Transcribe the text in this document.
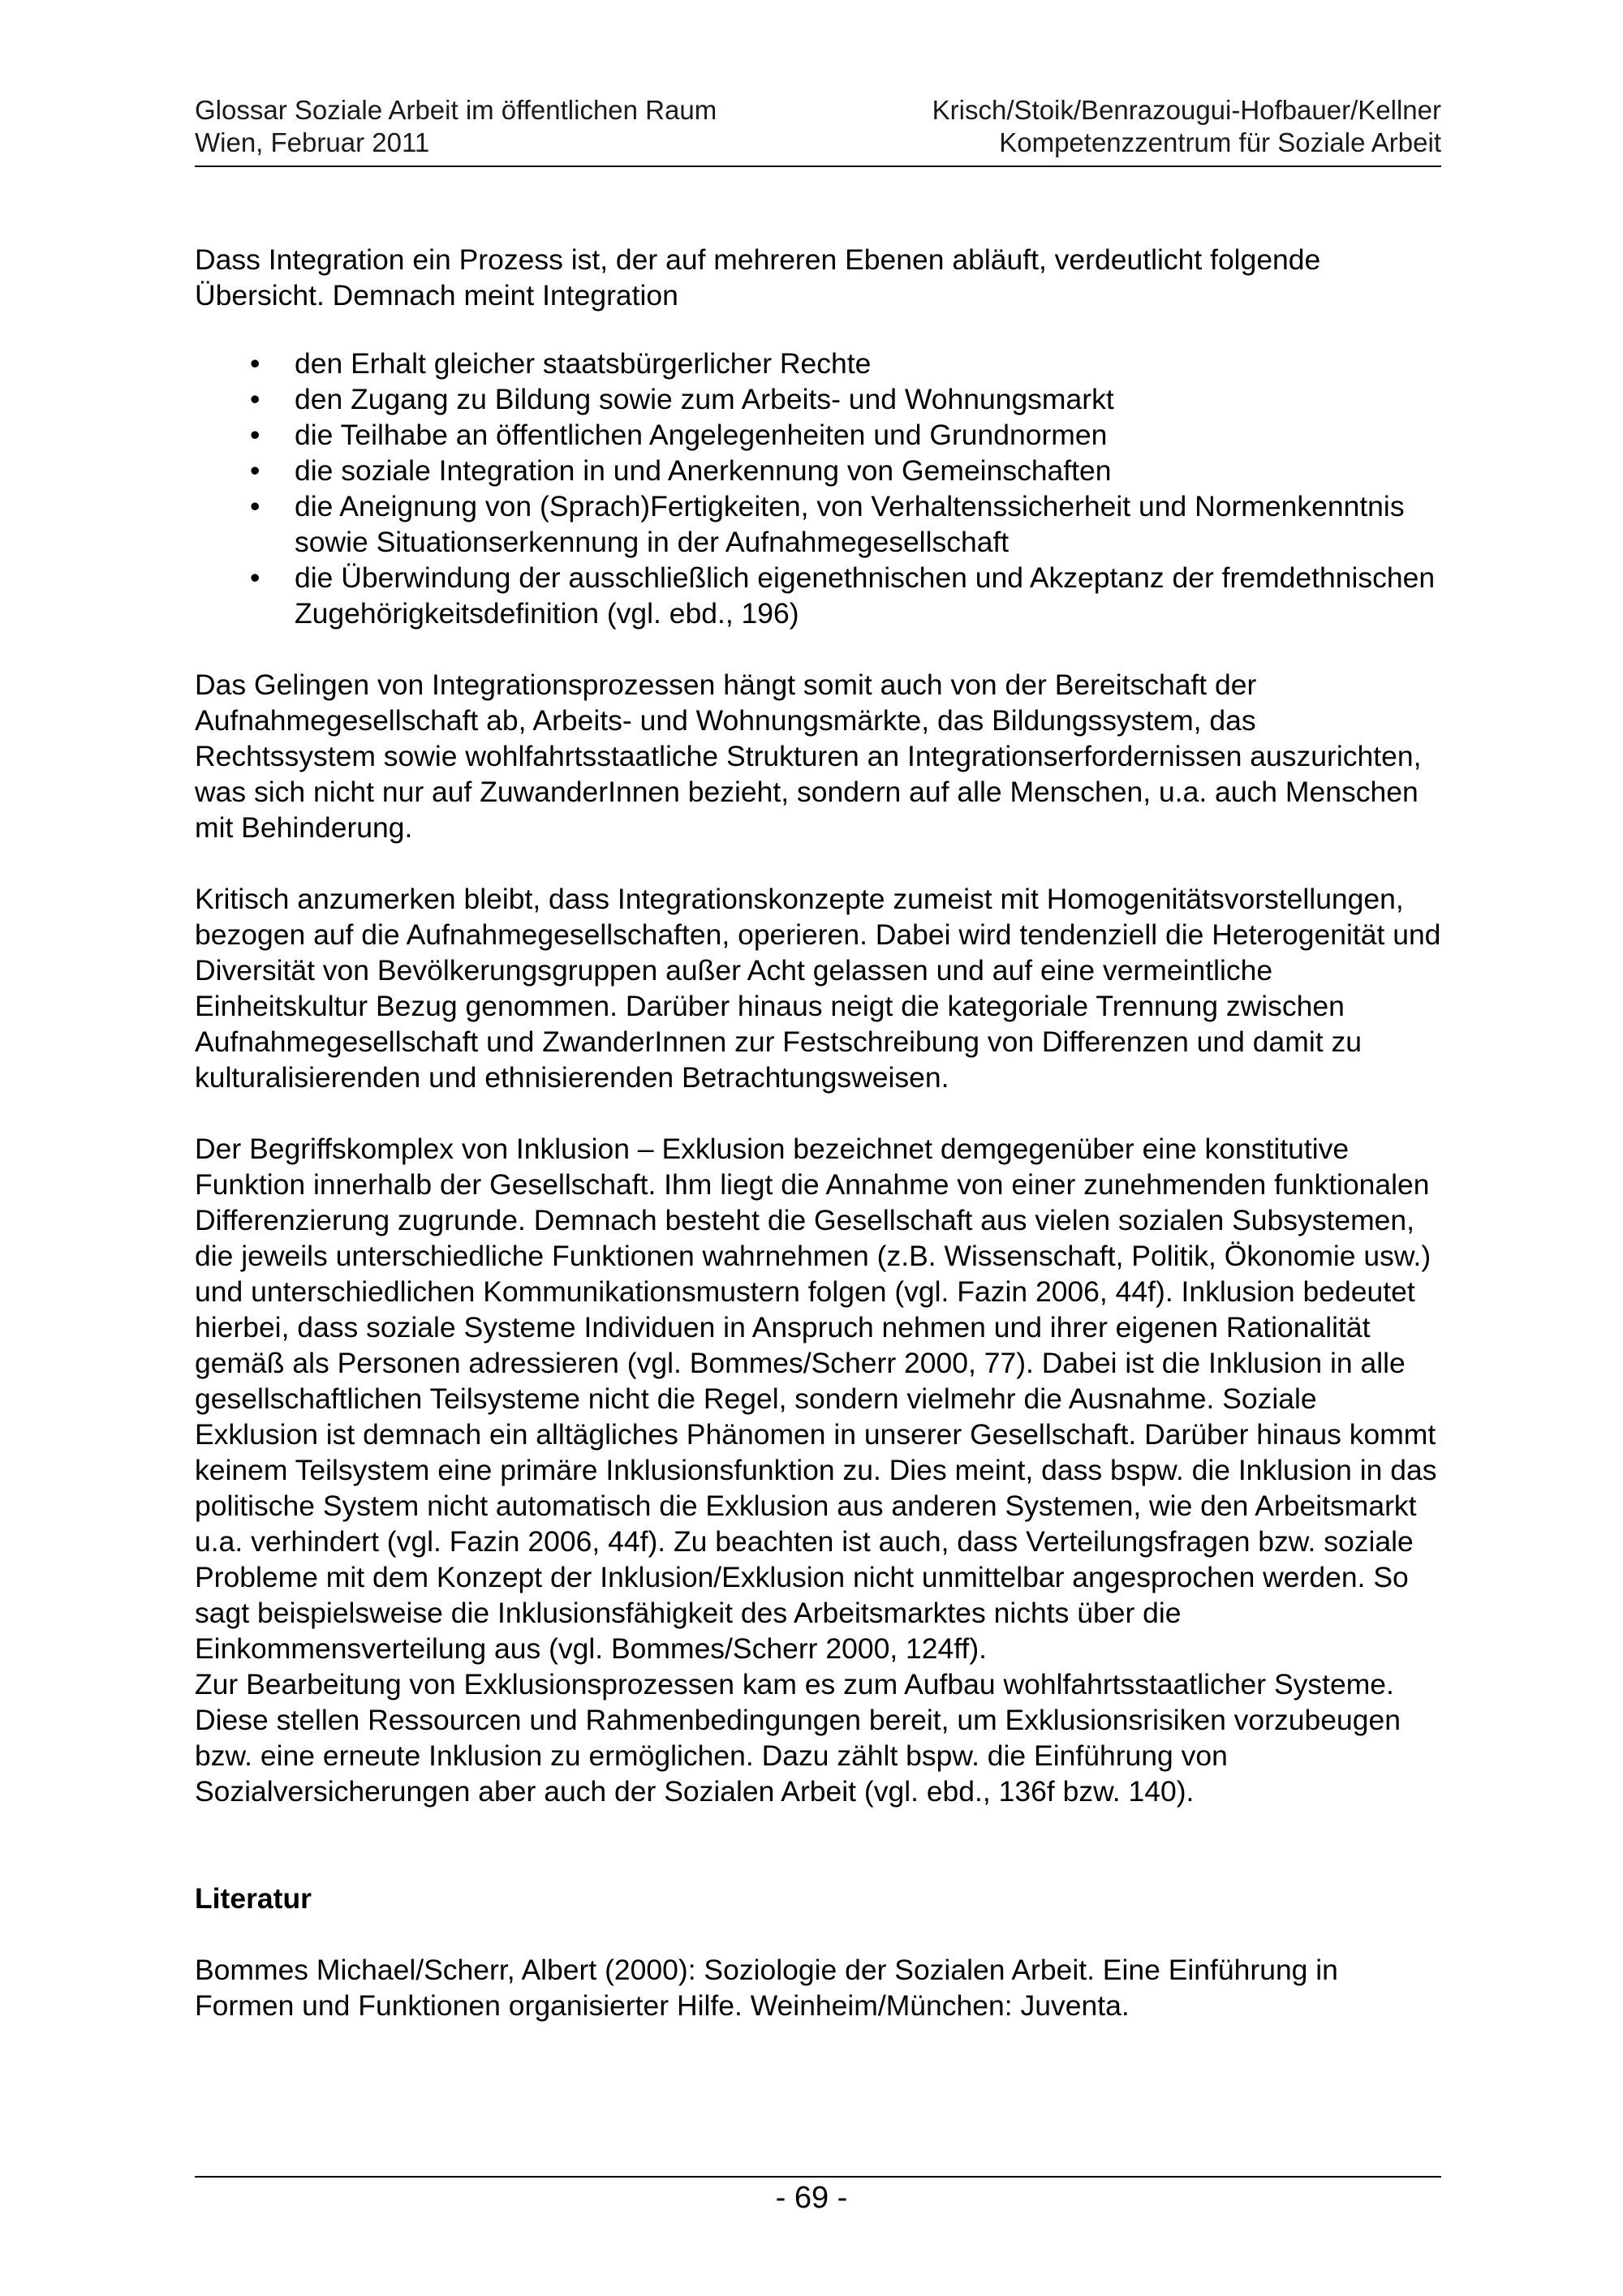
Glossar Soziale Arbeit im öffentlichen Raum
Wien, Februar 2011
Krisch/Stoik/Benrazougui-Hofbauer/Kellner
Kompetenzzentrum für Soziale Arbeit

Dass Integration ein Prozess ist, der auf mehreren Ebenen abläuft, verdeutlicht folgende Übersicht. Demnach meint Integration

• den Erhalt gleicher staatsbürgerlicher Rechte
• den Zugang zu Bildung sowie zum Arbeits- und Wohnungsmarkt
• die Teilhabe an öffentlichen Angelegenheiten und Grundnormen
• die soziale Integration in und Anerkennung von Gemeinschaften
• die Aneignung von (Sprach)Fertigkeiten, von Verhaltenssicherheit und Normenkenntnis sowie Situationserkennung in der Aufnahmegesellschaft
• die Überwindung der ausschließlich eigenethnischen und Akzeptanz der fremdethnischen Zugehörigkeitsdefinition (vgl. ebd., 196)

Das Gelingen von Integrationsprozessen hängt somit auch von der Bereitschaft der Aufnahmegesellschaft ab, Arbeits- und Wohnungsmärkte, das Bildungssystem, das Rechtssystem sowie wohlfahrtsstaatliche Strukturen an Integrationserfordernissen auszurichten, was sich nicht nur auf ZuwanderInnen bezieht, sondern auf alle Menschen, u.a. auch Menschen mit Behinderung.

Kritisch anzumerken bleibt, dass Integrationskonzepte zumeist mit Homogenitätsvorstellungen, bezogen auf die Aufnahmegesellschaften, operieren. Dabei wird tendenziell die Heterogenität und Diversität von Bevölkerungsgruppen außer Acht gelassen und auf eine vermeintliche Einheitskultur Bezug genommen. Darüber hinaus neigt die kategoriale Trennung zwischen Aufnahmegesellschaft und ZwanderInnen zur Festschreibung von Differenzen und damit zu kulturalisierenden und ethnisierenden Betrachtungsweisen.

Der Begriffskomplex von Inklusion – Exklusion bezeichnet demgegenüber eine konstitutive Funktion innerhalb der Gesellschaft. Ihm liegt die Annahme von einer zunehmenden funktionalen Differenzierung zugrunde. Demnach besteht die Gesellschaft aus vielen sozialen Subsystemen, die jeweils unterschiedliche Funktionen wahrnehmen (z.B. Wissenschaft, Politik, Ökonomie usw.) und unterschiedlichen Kommunikationsmustern folgen (vgl. Fazin 2006, 44f). Inklusion bedeutet hierbei, dass soziale Systeme Individuen in Anspruch nehmen und ihrer eigenen Rationalität gemäß als Personen adressieren (vgl. Bommes/Scherr 2000, 77). Dabei ist die Inklusion in alle gesellschaftlichen Teilsysteme nicht die Regel, sondern vielmehr die Ausnahme. Soziale Exklusion ist demnach ein alltägliches Phänomen in unserer Gesellschaft. Darüber hinaus kommt keinem Teilsystem eine primäre Inklusionsfunktion zu. Dies meint, dass bspw. die Inklusion in das politische System nicht automatisch die Exklusion aus anderen Systemen, wie den Arbeitsmarkt u.a. verhindert (vgl. Fazin 2006, 44f). Zu beachten ist auch, dass Verteilungsfragen bzw. soziale Probleme mit dem Konzept der Inklusion/Exklusion nicht unmittelbar angesprochen werden. So sagt beispielsweise die Inklusionsfähigkeit des Arbeitsmarktes nichts über die Einkommensverteilung aus (vgl. Bommes/Scherr 2000, 124ff).

Zur Bearbeitung von Exklusionsprozessen kam es zum Aufbau wohlfahrtsstaatlicher Systeme. Diese stellen Ressourcen und Rahmenbedingungen bereit, um Exklusionsrisiken vorzubeugen bzw. eine erneute Inklusion zu ermöglichen. Dazu zählt bspw. die Einführung von Sozialversicherungen aber auch der Sozialen Arbeit (vgl. ebd., 136f bzw. 140).

Literatur

Bommes Michael/Scherr, Albert (2000): Soziologie der Sozialen Arbeit. Eine Einführung in Formen und Funktionen organisierter Hilfe. Weinheim/München: Juventa.

- 69 -
